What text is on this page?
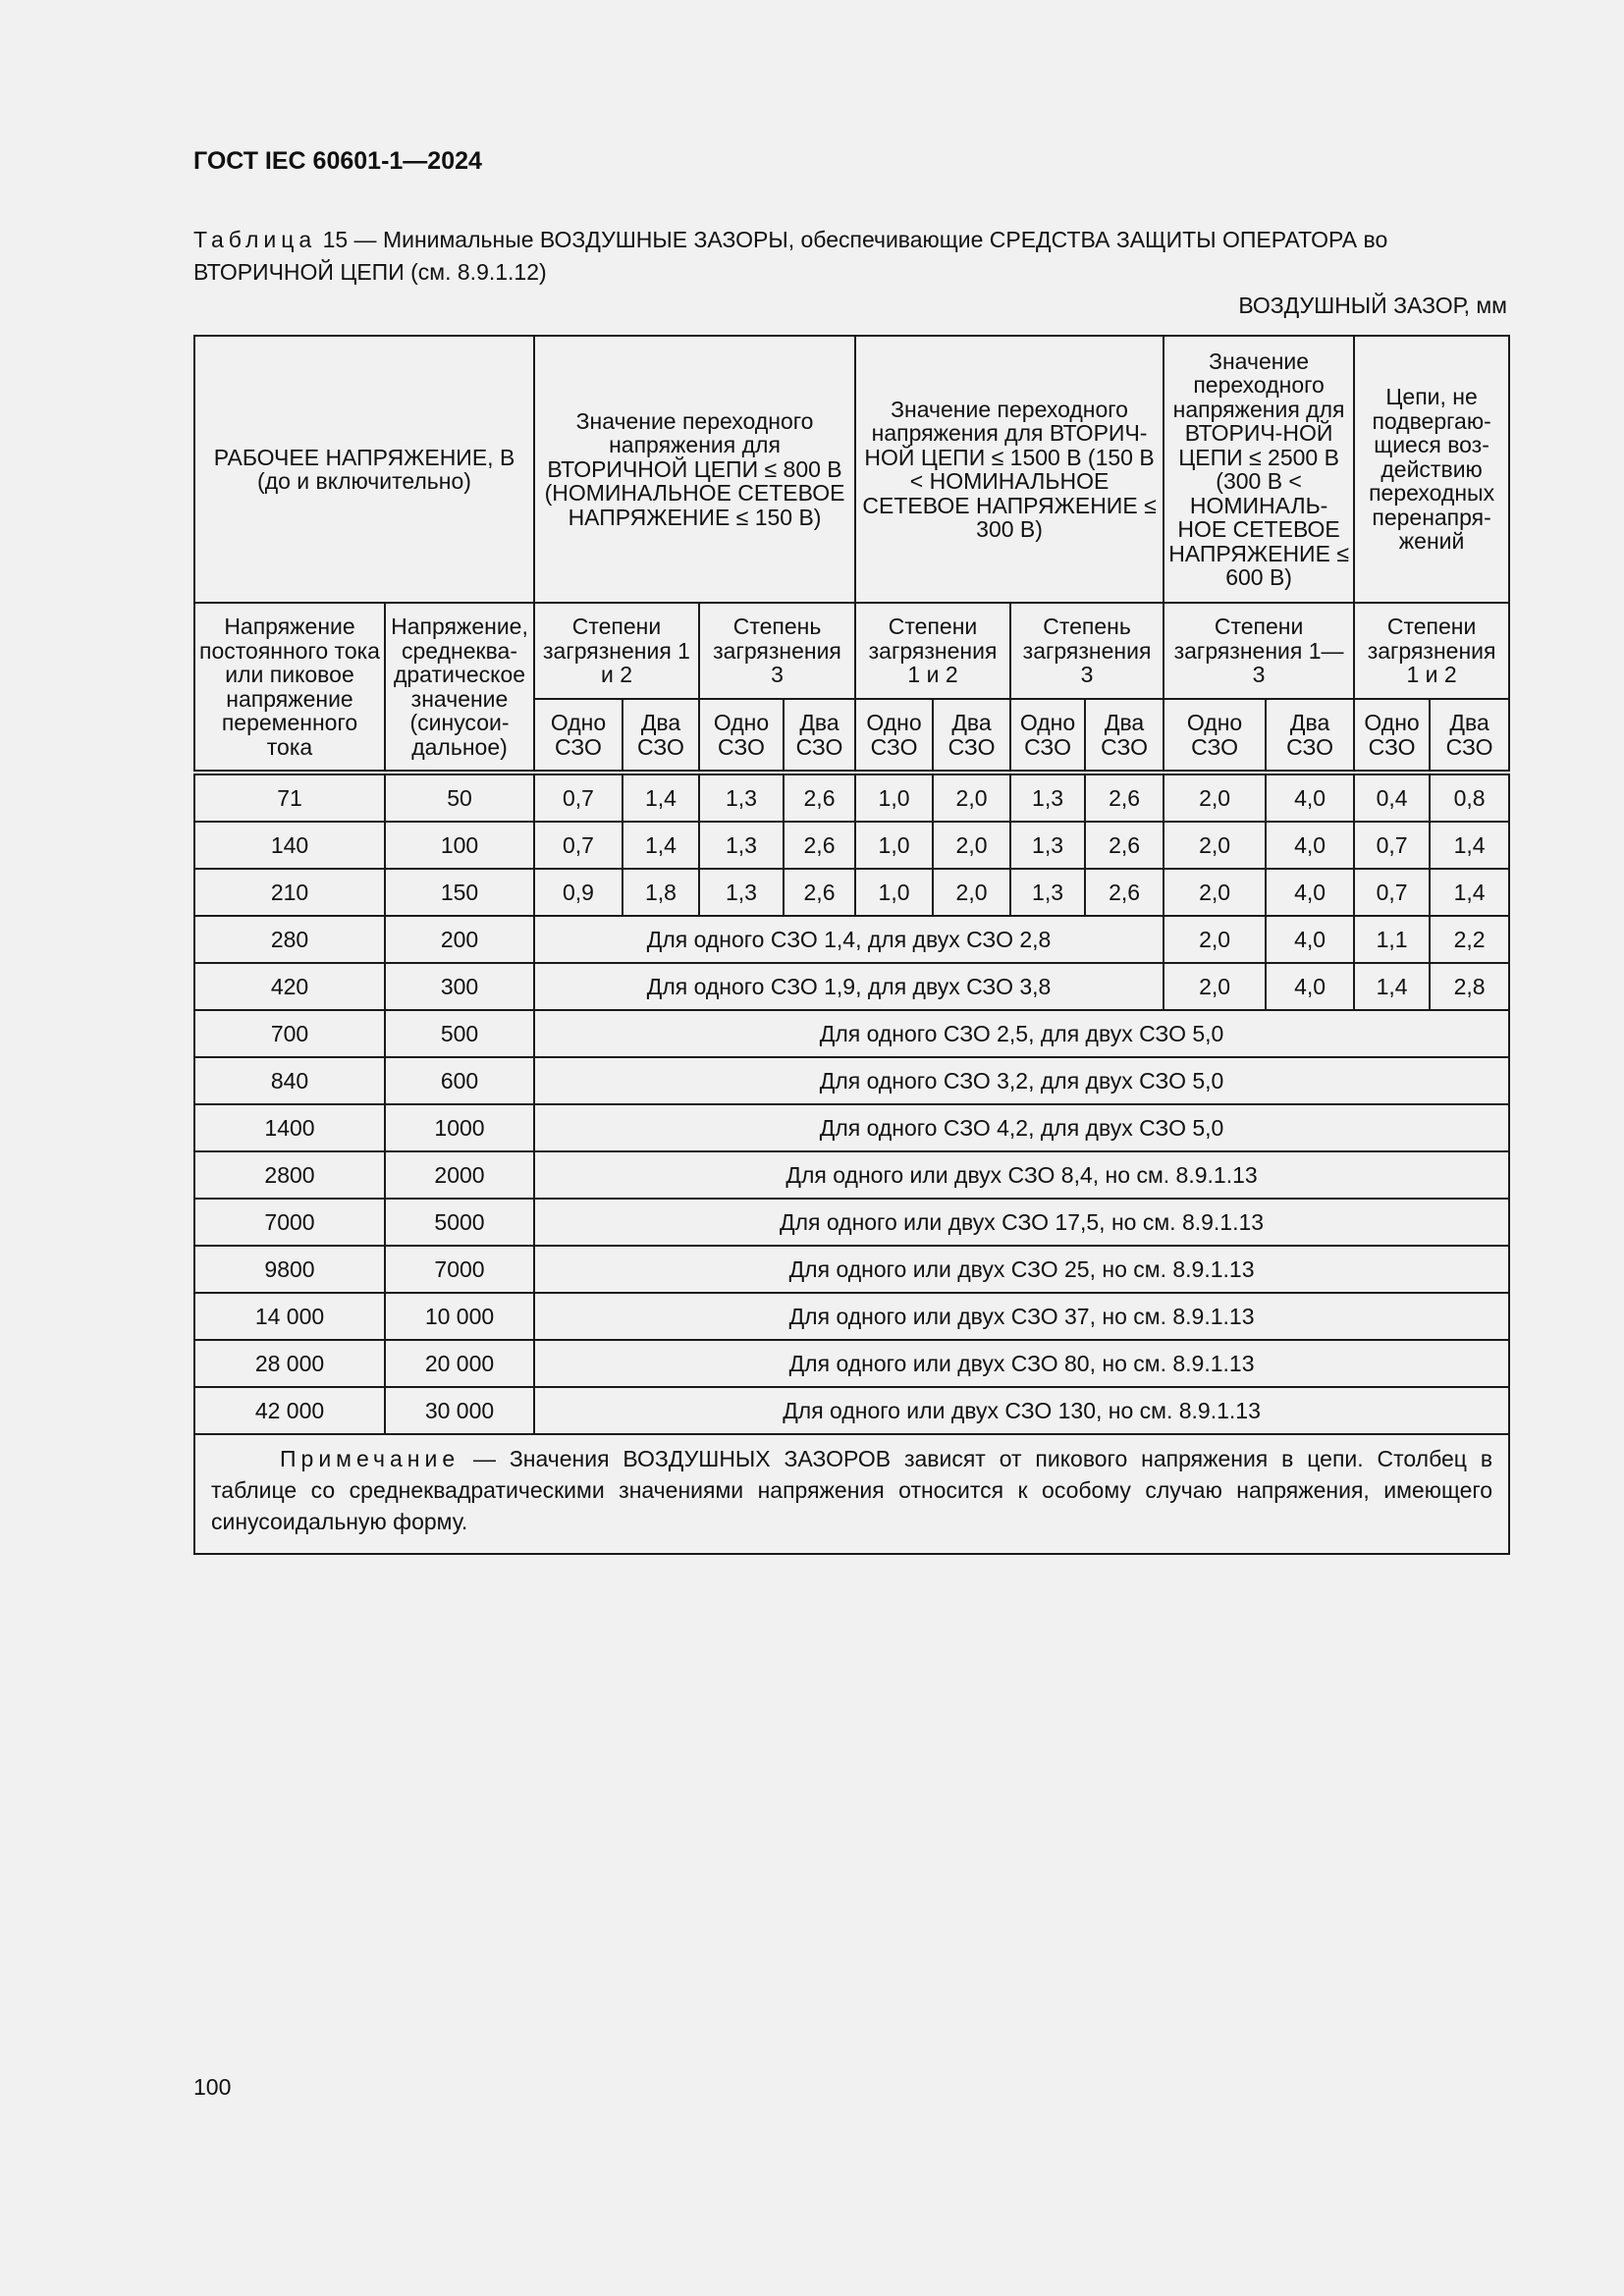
ГОСТ IEC 60601-1—2024
Таблица 15 — Минимальные ВОЗДУШНЫЕ ЗАЗОРЫ, обеспечивающие СРЕДСТВА ЗАЩИТЫ ОПЕРАТОРА во ВТОРИЧНОЙ ЦЕПИ (см. 8.9.1.12)
ВОЗДУШНЫЙ ЗАЗОР, мм
РАБОЧЕЕ НАПРЯЖЕНИЕ, В (до и включительно)		Значение переходного напряжения для ВТОРИЧНОЙ ЦЕПИ ≤ 800 В (НОМИНАЛЬНОЕ СЕТЕВОЕ НАПРЯЖЕНИЕ ≤ 150 В)				Значение переходного напряжения для ВТОРИЧ-НОЙ ЦЕПИ ≤ 1500 В (150 В < НОМИНАЛЬНОЕ СЕТЕВОЕ НАПРЯЖЕНИЕ ≤ 300 В)				Значение переходного напряжения для ВТОРИЧ-НОЙ ЦЕПИ ≤ 2500 В (300 В < НОМИНАЛЬ-НОЕ СЕТЕВОЕ НАПРЯЖЕНИЕ ≤ 600 В)		Цепи, не подвергаю-щиеся воз-действию переходных перенапря-жений	
Напряжение постоянного тока или пиковое напряжение переменного тока	Напряжение, среднеква-дратическое значение (синусои-дальное)	Степени загрязнения 1 и 2		Степень загрязнения 3		Степени загрязнения 1 и 2		Степень загрязнения 3		Степени загрязнения 1—3		Степени загрязнения 1 и 2	
		Одно СЗО	Два СЗО	Одно СЗО	Два СЗО	Одно СЗО	Два СЗО	Одно СЗО	Два СЗО	Одно СЗО	Два СЗО	Одно СЗО	Два СЗО
71	50	0,7	1,4	1,3	2,6	1,0	2,0	1,3	2,6	2,0	4,0	0,4	0,8
140	100	0,7	1,4	1,3	2,6	1,0	2,0	1,3	2,6	2,0	4,0	0,7	1,4
210	150	0,9	1,8	1,3	2,6	1,0	2,0	1,3	2,6	2,0	4,0	0,7	1,4
280	200	Для одного СЗО 1,4, для двух СЗО 2,8								2,0	4,0	1,1	2,2
420	300	Для одного СЗО 1,9, для двух СЗО 3,8								2,0	4,0	1,4	2,8
700	500	Для одного СЗО 2,5, для двух СЗО 5,0											
840	600	Для одного СЗО 3,2, для двух СЗО 5,0											
1400	1000	Для одного СЗО 4,2, для двух СЗО 5,0											
2800	2000	Для одного или двух СЗО 8,4, но см. 8.9.1.13											
7000	5000	Для одного или двух СЗО 17,5, но см. 8.9.1.13											
9800	7000	Для одного или двух СЗО 25, но см. 8.9.1.13											
14 000	10 000	Для одного или двух СЗО 37, но см. 8.9.1.13											
28 000	20 000	Для одного или двух СЗО 80, но см. 8.9.1.13											
42 000	30 000	Для одного или двух СЗО 130, но см. 8.9.1.13											

Примечание — Значения ВОЗДУШНЫХ ЗАЗОРОВ зависят от пикового напряжения в цепи. Столбец в таблице со среднеквадратическими значениями напряжения относится к особому случаю напряжения, имеющего синусоидальную форму.													
100
